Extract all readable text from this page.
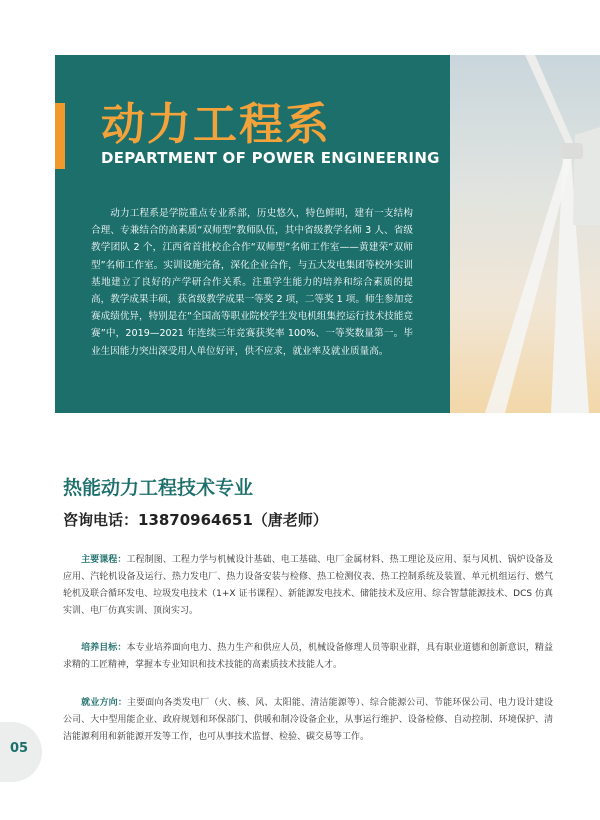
动力工程系
DEPARTMENT OF POWER ENGINEERING
动力工程系是学院重点专业系部，历史悠久，特色鲜明，建有一支结构合理、专兼结合的高素质“双师型”教师队伍，其中省级教学名师 3 人、省级教学团队 2 个，江西省首批校企合作“双师型”名师工作室——黄建荣“双师型”名师工作室。实训设施完备，深化企业合作，与五大发电集团等校外实训基地建立了良好的产学研合作关系。注重学生能力的培养和综合素质的提高，教学成果丰硕，获省级教学成果一等奖 2 项，二等奖 1 项。师生参加竞赛成绩优异，特别是在“全国高等职业院校学生发电机组集控运行技术技能竞赛”中，2019—2021 年连续三年竞赛获奖率 100%、一等奖数量第一。毕业生因能力突出深受用人单位好评，供不应求，就业率及就业质量高。
热能动力工程技术专业
咨询电话：13870964651（唐老师）
主要课程：工程制图、工程力学与机械设计基础、电工基础、电厂金属材料、热工理论及应用、泵与风机、锅炉设备及应用、汽轮机设备及运行、热力发电厂、热力设备安装与检修、热工检测仪表、热工控制系统及装置、单元机组运行、燃气轮机及联合循环发电、垃圾发电技术（1+X 证书课程）、新能源发电技术、储能技术及应用、综合智慧能源技术、DCS 仿真实训、电厂仿真实训、顶岗实习。
培养目标：本专业培养面向电力、热力生产和供应人员，机械设备修理人员等职业群，具有职业道德和创新意识，精益求精的工匠精神，掌握本专业知识和技术技能的高素质技术技能人才。
就业方向：主要面向各类发电厂（火、核、风、太阳能、清洁能源等）、综合能源公司、节能环保公司、电力设计建设公司、大中型用能企业、政府规划和环保部门、供暖和制冷设备企业，从事运行维护、设备检修、自动控制、环境保护、清洁能源利用和新能源开发等工作，也可从事技术监督、检验、碳交易等工作。
05
